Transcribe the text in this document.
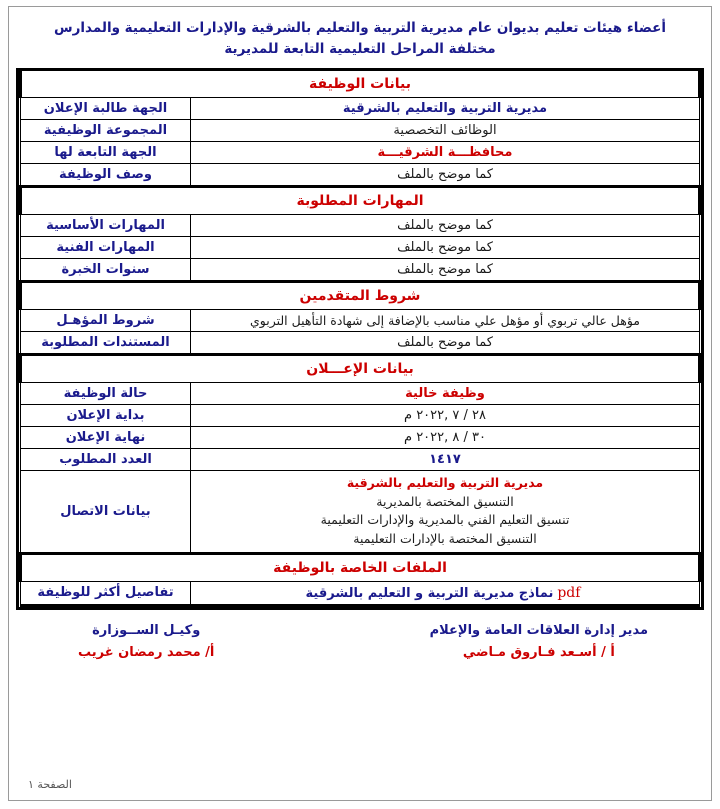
أعضاء هيئات تعليم بديوان عام مديرية التربية والتعليم بالشرقية والإدارات التعليمية والمدارس
مختلفة المراحل التعليمية التابعة للمديرية
بيانات الوظيفة	
مديرية التربية والتعليم بالشرقية	الجهة طالبة الإعلان
الوظائف التخصصية	المجموعة الوظيفية
محافظـــة الشرقيـــة	الجهة التابعة لها
كما موضح بالملف	وصف الوظيفة
المهارات المطلوبة	
كما موضح بالملف	المهارات الأساسية
كما موضح بالملف	المهارات الفنية
كما موضح بالملف	سنوات الخبرة
شروط المتقدمين	
مؤهل عالي تربوي أو مؤهل علي مناسب بالإضافة إلى شهادة التأهيل التربوي	شروط المؤهـل
كما موضح بالملف	المستندات المطلوبة
بيانات الإعـــلان	
وظيفة خالية	حالة الوظيفة
٢٨ / ٧ ,٢٠٢٢ م	بداية الإعلان
٣٠ / ٨ ,٢٠٢٢ م	نهاية الإعلان
١٤١٧	العدد المطلوب

مديرية التربية والتعليم بالشرقية
التنسيق المختصة بالمديرية
تنسيق التعليم الفني بالمديرية والإدارات التعليمية
التنسيق المختصة بالإدارات التعليمية	بيانات الاتصال
الملفات الخاصة بالوظيفة	
pdfنماذج مديرية التربية و التعليم بالشرقية	تفاصيل أكثر للوظيفة
مدير إدارة العلاقات العامة والإعلام
أ / أسـعد فـاروق مـاضي
وكيـل الســوزارة
أ/ محمد رمضان غريب
الصفحة ١
